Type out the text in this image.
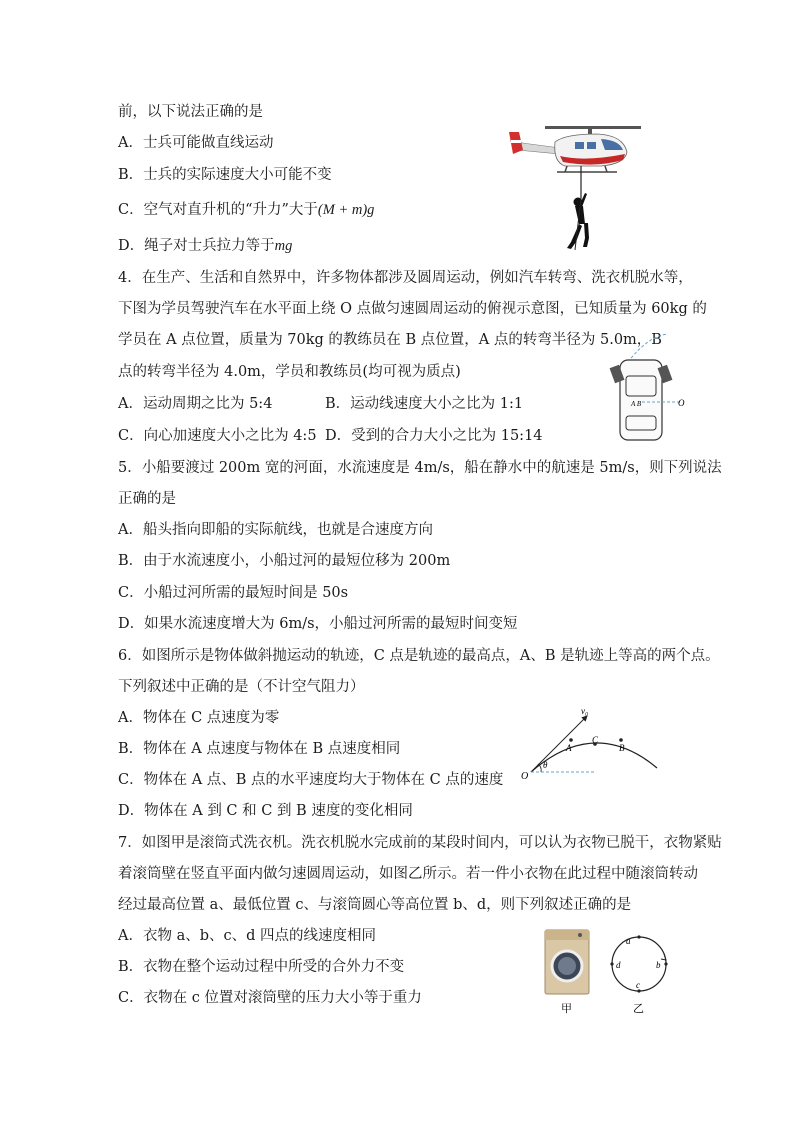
前，以下说法正确的是
A．士兵可能做直线运动
B．士兵的实际速度大小可能不变
C．空气对直升机的“升力”大于(M + m)g
D．绳子对士兵拉力等于mg
4．在生产、生活和自然界中，许多物体都涉及圆周运动，例如汽车转弯、洗衣机脱水等，
下图为学员驾驶汽车在水平面上绕 O 点做匀速圆周运动的俯视示意图，已知质量为 60kg 的
学员在 A 点位置，质量为 70kg 的教练员在 B 点位置，A 点的转弯半径为 5.0m，B
点的转弯半径为 4.0m，学员和教练员(均可视为质点)
A．运动周期之比为 5:4	B．运动线速度大小之比为 1:1
C．向心加速度大小之比为 4:5 D．受到的合力大小之比为 15:14
A B	O
5．小船要渡过 200m 宽的河面，水流速度是 4m/s，船在静水中的航速是 5m/s，则下列说法
正确的是
A．船头指向即船的实际航线，也就是合速度方向
B．由于水流速度小，小船过河的最短位移为 200m
C．小船过河所需的最短时间是 50s
D．如果水流速度增大为 6m/s，小船过河所需的最短时间变短
6．如图所示是物体做斜抛运动的轨迹，C 点是轨迹的最高点，A、B 是轨迹上等高的两个点。
下列叙述中正确的是（不计空气阻力）
A．物体在 C 点速度为零
B．物体在 A 点速度与物体在 B 点速度相同
C．物体在 A 点、B 点的水平速度均大于物体在 C 点的速度
D．物体在 A 到 C 和 C 到 B 速度的变化相同
v₀
θ
O
A
C
B
7．如图甲是滚筒式洗衣机。洗衣机脱水完成前的某段时间内，可以认为衣物已脱干，衣物紧贴
着滚筒壁在竖直平面内做匀速圆周运动，如图乙所示。若一件小衣物在此过程中随滚筒转动
经过最高位置 a、最低位置 c、与滚筒圆心等高位置 b、d，则下列叙述正确的是
A．衣物 a、b、c、d 四点的线速度相同
B．衣物在整个运动过程中所受的合外力不变
C．衣物在 c 位置对滚筒壁的压力大小等于重力
甲
a
b
c
d
乙
